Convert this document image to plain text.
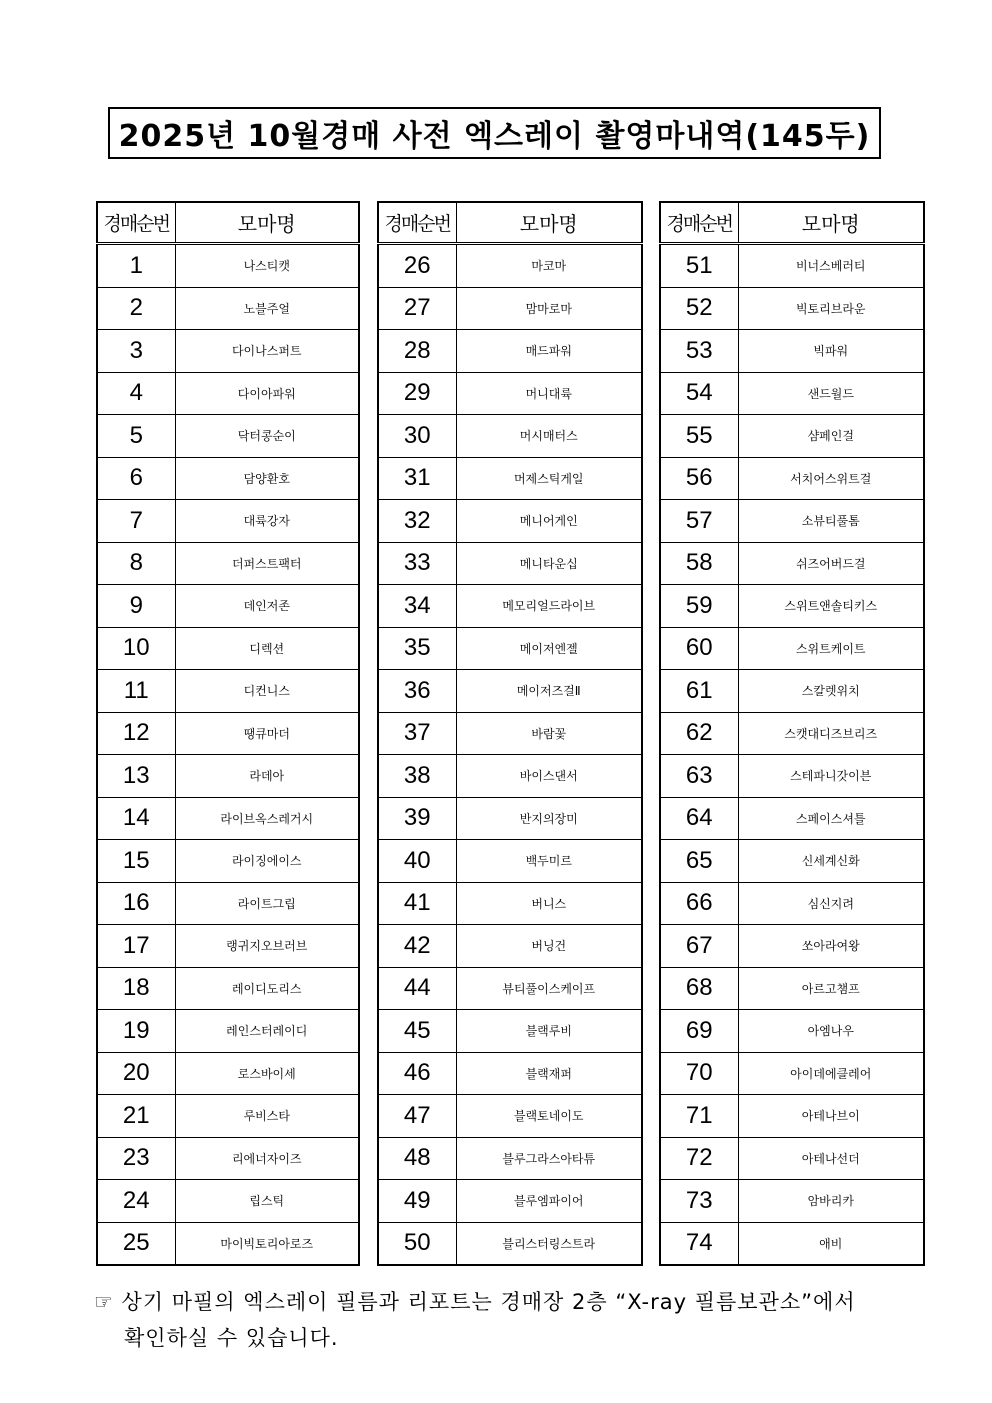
2025년 10월경매 사전 엑스레이 촬영마내역(145두)
경매순번	모마명
1	나스티캣
2	노블주얼
3	다이나스퍼트
4	다이아파워
5	닥터콩순이
6	담양환호
7	대륙강자
8	더퍼스트팩터
9	데인저존
10	디렉션
11	디컨니스
12	땡큐마더
13	라데아
14	라이브옥스레거시
15	라이징에이스
16	라이트그립
17	랭귀지오브러브
18	레이디도리스
19	레인스터레이디
20	로스바이세
21	루비스타
23	리에너자이즈
24	립스틱
25	마이빅토리아로즈
경매순번	모마명
26	마코마
27	맘마로마
28	매드파워
29	머니대륙
30	머시매터스
31	머제스틱게일
32	메니어게인
33	메니타운십
34	메모리얼드라이브
35	메이저엔젤
36	메이저즈걸Ⅱ
37	바람꽃
38	바이스댄서
39	반지의장미
40	백두미르
41	버니스
42	버닝건
44	뷰티풀이스케이프
45	블랙루비
46	블랙재퍼
47	블랙토네이도
48	블루그라스아타튜
49	블루엠파이어
50	블리스터링스트라
경매순번	모마명
51	비너스베러티
52	빅토리브라운
53	빅파워
54	샌드월드
55	샴페인걸
56	서치어스위트걸
57	소뷰티풀톰
58	쉬즈어버드걸
59	스위트앤솔티키스
60	스위트케이트
61	스칼렛위치
62	스캣대디즈브리즈
63	스테파니갓이븐
64	스페이스셔틀
65	신세계신화
66	심신지려
67	쏘아라여왕
68	아르고챔프
69	아엠나우
70	아이데에클레어
71	아테나브이
72	아테나선더
73	암바리카
74	애비
☞ 상기 마필의 엑스레이 필름과 리포트는 경매장 2층 “X-ray 필름보관소”에서
확인하실 수 있습니다.
